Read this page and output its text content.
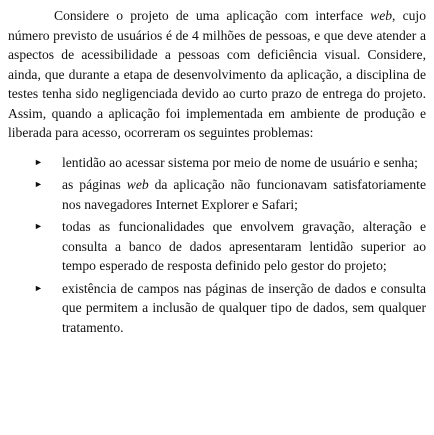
Considere o projeto de uma aplicação com interface web, cujo número previsto de usuários é de 4 milhões de pessoas, e que deve atender a aspectos de acessibilidade a pessoas com deficiência visual. Considere, ainda, que durante a etapa de desenvolvimento da aplicação, a disciplina de testes tenha sido negligenciada devido ao curto prazo de entrega do projeto. Assim, quando a aplicação foi implementada em ambiente de produção e liberada para acesso, ocorreram os seguintes problemas:

► lentidão ao acessar sistema por meio de nome de usuário e senha;
► as páginas web da aplicação não funcionavam satisfatoriamente nos navegadores Internet Explorer e Safari;
► todas as funcionalidades que envolvem gravação, alteração e consulta a banco de dados apresentaram lentidão superior ao tempo esperado de resposta definido pelo gestor do projeto;
► existência de campos nas páginas de inserção de dados e consulta que permitem a inclusão de qualquer tipo de dados, sem qualquer tratamento.
